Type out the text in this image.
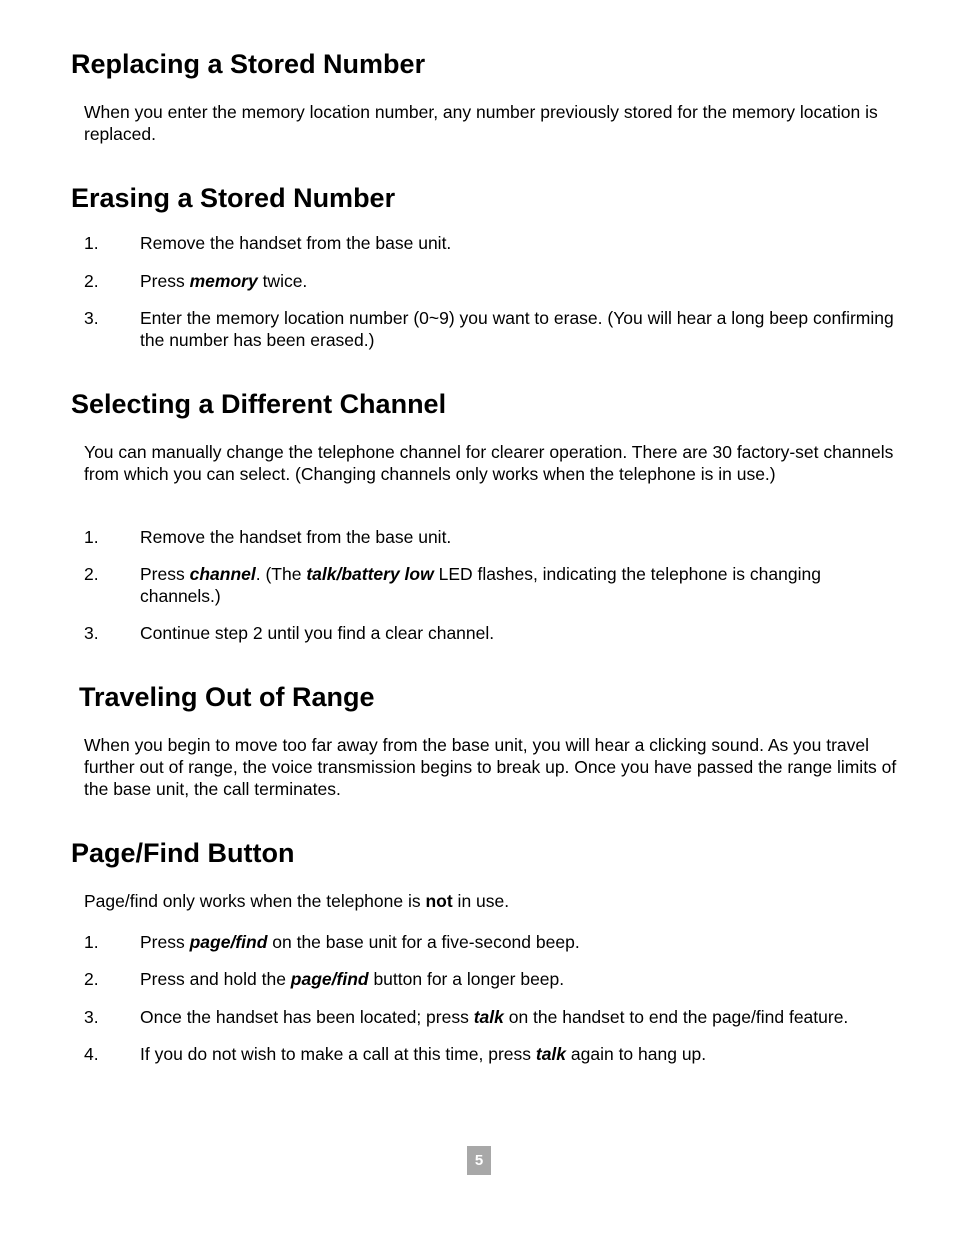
Replacing a Stored Number

When you enter the memory location number, any number previously stored for the memory location is replaced.

Erasing a Stored Number
1.	Remove the handset from the base unit.
2.	Press memory twice.
3.	Enter the memory location number (0~9) you want to erase. (You will hear a long beep confirming the number has been erased.)
Selecting a Different Channel

You can manually change the telephone channel for clearer operation. There are 30 factory-set channels from which you can select. (Changing channels only works when the telephone is in use.)

1.	Remove the handset from the base unit.
2.	Press channel. (The talk/battery low LED flashes, indicating the telephone is changing channels.)
3.	Continue step 2 until you find a clear channel.
Traveling Out of Range

When you begin to move too far away from the base unit, you will hear a clicking sound. As you travel further out of range, the voice transmission begins to break up. Once you have passed the range limits of the base unit, the call terminates.

Page/Find Button

Page/find only works when the telephone is not in use.

1.	Press page/find on the base unit for a five-second beep.
2.	Press and hold the page/find button for a longer beep.
3.	Once the handset has been located; press talk on the handset to end the page/find feature.
4.	If you do not wish to make a call at this time, press talk again to hang up.
5
